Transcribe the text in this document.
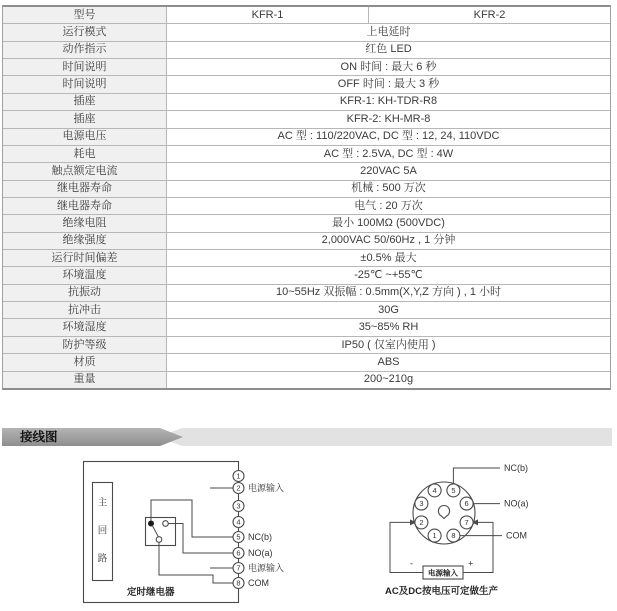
型号	KFR-1	KFR-2
运行模式	上电延时
动作指示	红色 LED
时间说明	ON 时间 : 最大 6 秒
时间说明	OFF 时间 : 最大 3 秒
插座	KFR-1: KH-TDR-R8
插座	KFR-2: KH-MR-8
电源电压	AC 型 : 110/220VAC, DC 型 : 12, 24, 110VDC
耗电	AC 型 : 2.5VA, DC 型 : 4W
触点额定电流	220VAC 5A
继电器寿命	机械 : 500 万次
继电器寿命	电气 : 20 万次
绝缘电阻	最小 100MΩ (500VDC)
绝缘强度	2,000VAC 50/60Hz , 1 分钟
运行时间偏差	±0.5% 最大
环境温度	-25℃ ~+55℃
抗振动	10~55Hz 双振幅 : 0.5mm(X,Y,Z 方向 ) , 1 小时
抗冲击	30G
环境湿度	35~85% RH
防护等级	IP50 ( 仅室内使用 )
材质	ABS
重量	200~210g
接线图
主
回
路
1
2
3
4
5
6
7
8
电源输入
NC(b)
NO(a)
电源输入
COM
定时继电器
1
2
3
4 5
6
7
8
NC(b)
NO(a)
COM
电源输入
-	+
AC及DC按电压可定做生产
